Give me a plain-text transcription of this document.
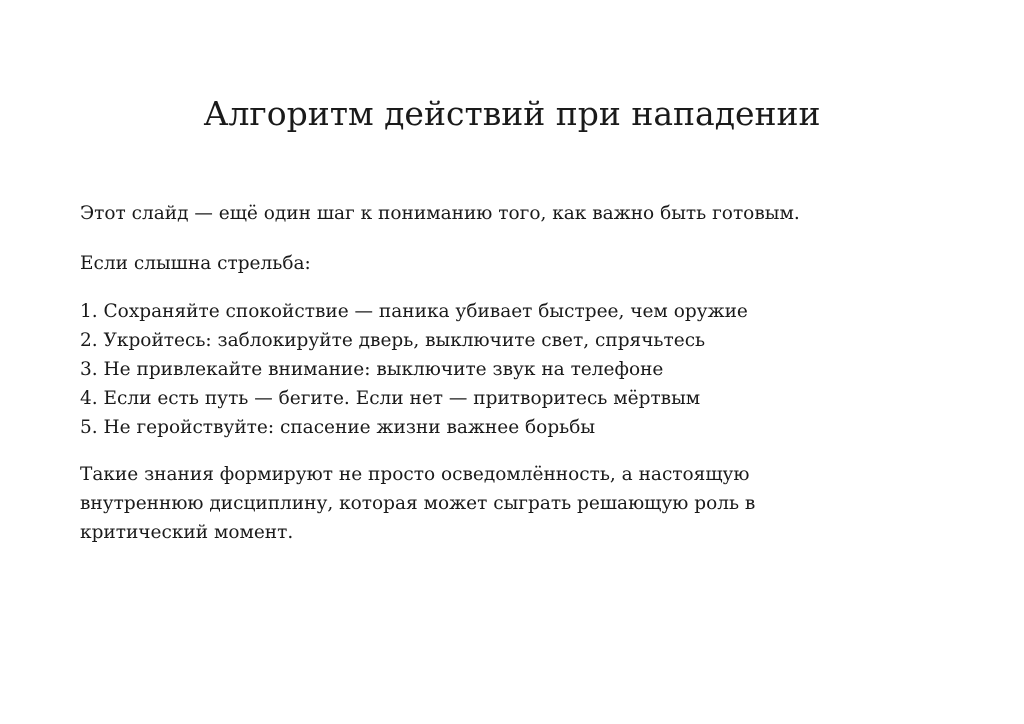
Алгоритм действий при нападении

Этот слайд — ещё один шаг к пониманию того, как важно быть готовым.

Если слышна стрельба:

1. Сохраняйте спокойствие — паника убивает быстрее, чем оружие
2. Укройтесь: заблокируйте дверь, выключите свет, спрячьтесь
3. Не привлекайте внимание: выключите звук на телефоне
4. Если есть путь — бегите. Если нет — притворитесь мёртвым
5. Не геройствуйте: спасение жизни важнее борьбы

Такие знания формируют не просто осведомлённость, а настоящую
внутреннюю дисциплину, которая может сыграть решающую роль в
критический момент.
